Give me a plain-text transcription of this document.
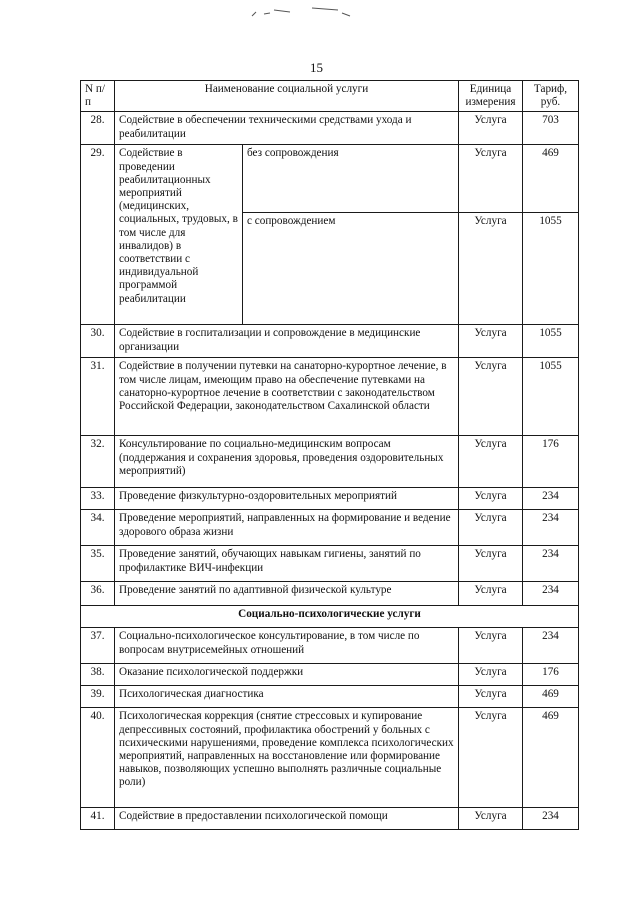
15
N п/п	Наименование социальной услуги		Единица измерения	Тариф, руб.
28.	Содействие в обеспечении техническими средствами ухода и реабилитации		Услуга	703
29.	Содействие в проведении реабилитационных мероприятий (медицинских, социальных, трудовых, в том числе для инвалидов) в соответствии с индивидуальной программой реабилитации	без сопровождения	Услуга	469
		с сопровождением	Услуга	1055
30.	Содействие в госпитализации и сопровождение в медицинские организации		Услуга	1055
31.	Содействие в получении путевки на санаторно-курортное лечение, в том числе лицам, имеющим право на обеспечение путевками на санаторно-курортное лечение в соответствии с законодательством Российской Федерации, законодательством Сахалинской области		Услуга	1055
32.	Консультирование по социально-медицинским вопросам (поддержания и сохранения здоровья, проведения оздоровительных мероприятий)		Услуга	176
33.	Проведение физкультурно-оздоровительных мероприятий		Услуга	234
34.	Проведение мероприятий, направленных на формирование и ведение здорового образа жизни		Услуга	234
35.	Проведение занятий, обучающих навыкам гигиены, занятий по профилактике ВИЧ-инфекции		Услуга	234
36.	Проведение занятий по адаптивной физической культуре		Услуга	234
Социально-психологические услуги				
37.	Социально-психологическое консультирование, в том числе по вопросам внутрисемейных отношений		Услуга	234
38.	Оказание психологической поддержки		Услуга	176
39.	Психологическая диагностика		Услуга	469
40.	Психологическая коррекция (снятие стрессовых и купирование депрессивных состояний, профилактика обострений у больных с психическими нарушениями, проведение комплекса психологических мероприятий, направленных на восстановление или формирование навыков, позволяющих успешно выполнять различные социальные роли)		Услуга	469
41.	Содействие в предоставлении психологической помощи		Услуга	234
